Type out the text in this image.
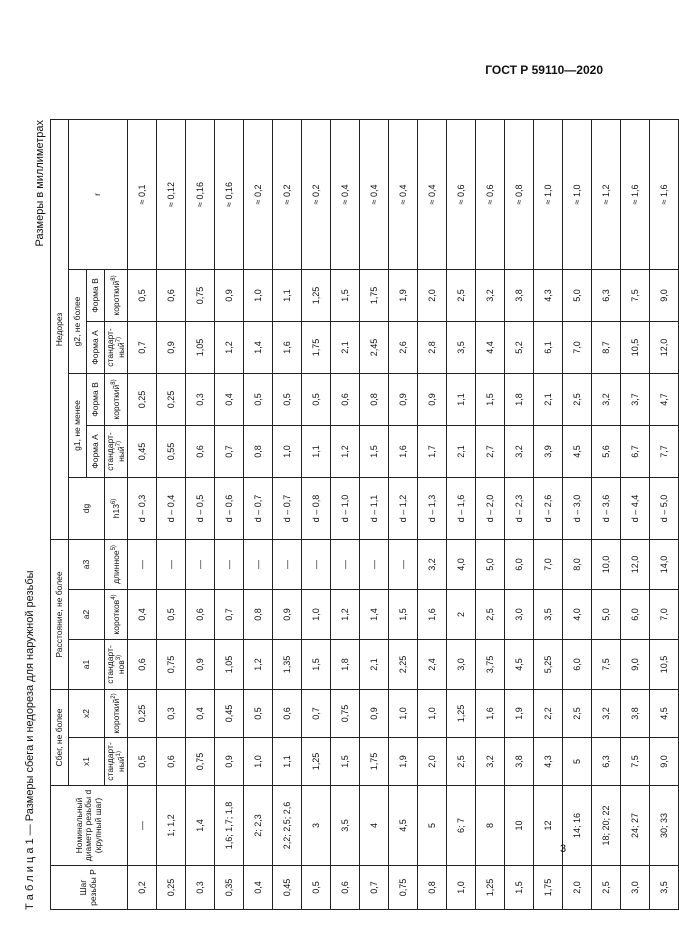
ГОСТ Р 59110—2020
Т а б л и ц а 1 — Размеры сбега и недореза для наружной резьбы
Размеры в миллиметрах
Шаг резьбы P	Номинальный диаметр резьбы d (крупный шаг)	Сбег, не более		Расстояние, не более			Недорез					
		x1	x2	a1	a2	a3	dg	g1, не менее		g2, не более		r
								Форма А	Форма В	Форма А	Форма В	
		стандарт-ный$^{1)}$	короткий$^{2)}$	стандарт-нов$^{3)}$	коротков$^{4)}$	длинное$^{5)}$	h13$^{6)}$	стандарт-ный$^{7)}$	короткий$^{8)}$	стандарт-ный$^{7)}$	короткий$^{8)}$
0,2	—	0,5	0,25	0,6	0,4	—	d – 0,3	0,45	0,25	0,7	0,5	≈ 0,1
0,25	1; 1,2	0,6	0,3	0,75	0,5	—	d – 0,4	0,55	0,25	0,9	0,6	≈ 0,12
0,3	1,4	0,75	0,4	0,9	0,6	—	d – 0,5	0,6	0,3	1,05	0,75	≈ 0,16
0,35	1,6; 1,7; 1,8	0,9	0,45	1,05	0,7	—	d – 0,6	0,7	0,4	1,2	0,9	≈ 0,16
0,4	2; 2,3	1,0	0,5	1,2	0,8	—	d – 0,7	0,8	0,5	1,4	1,0	≈ 0,2
0,45	2,2; 2,5; 2,6	1,1	0,6	1,35	0,9	—	d – 0,7	1,0	0,5	1,6	1,1	≈ 0,2
0,5	3	1,25	0,7	1,5	1,0	—	d – 0,8	1,1	0,5	1,75	1,25	≈ 0,2
0,6	3,5	1,5	0,75	1,8	1,2	—	d – 1,0	1,2	0,6	2,1	1,5	≈ 0,4
0,7	4	1,75	0,9	2,1	1,4	—	d – 1,1	1,5	0,8	2,45	1,75	≈ 0,4
0,75	4,5	1,9	1,0	2,25	1,5	—	d – 1,2	1,6	0,9	2,6	1,9	≈ 0,4
0,8	5	2,0	1,0	2,4	1,6	3,2	d – 1,3	1,7	0,9	2,8	2,0	≈ 0,4
1,0	6; 7	2,5	1,25	3,0	2	4,0	d – 1,6	2,1	1,1	3,5	2,5	≈ 0,6
1,25	8	3,2	1,6	3,75	2,5	5,0	d – 2,0	2,7	1,5	4,4	3,2	≈ 0,6
1,5	10	3,8	1,9	4,5	3,0	6,0	d – 2,3	3,2	1,8	5,2	3,8	≈ 0,8
1,75	12	4,3	2,2	5,25	3,5	7,0	d – 2,6	3,9	2,1	6,1	4,3	≈ 1,0
2,0	14; 16	5	2,5	6,0	4,0	8,0	d – 3,0	4,5	2,5	7,0	5,0	≈ 1,0
2,5	18; 20; 22	6,3	3,2	7,5	5,0	10,0	d – 3,6	5,6	3,2	8,7	6,3	≈ 1,2
3,0	24; 27	7,5	3,8	9,0	6,0	12,0	d – 4,4	6,7	3,7	10,5	7,5	≈ 1,6
3,5	30; 33	9,0	4,5	10,5	7,0	14,0	d – 5,0	7,7	4,7	12,0	9,0	≈ 1,6
3
